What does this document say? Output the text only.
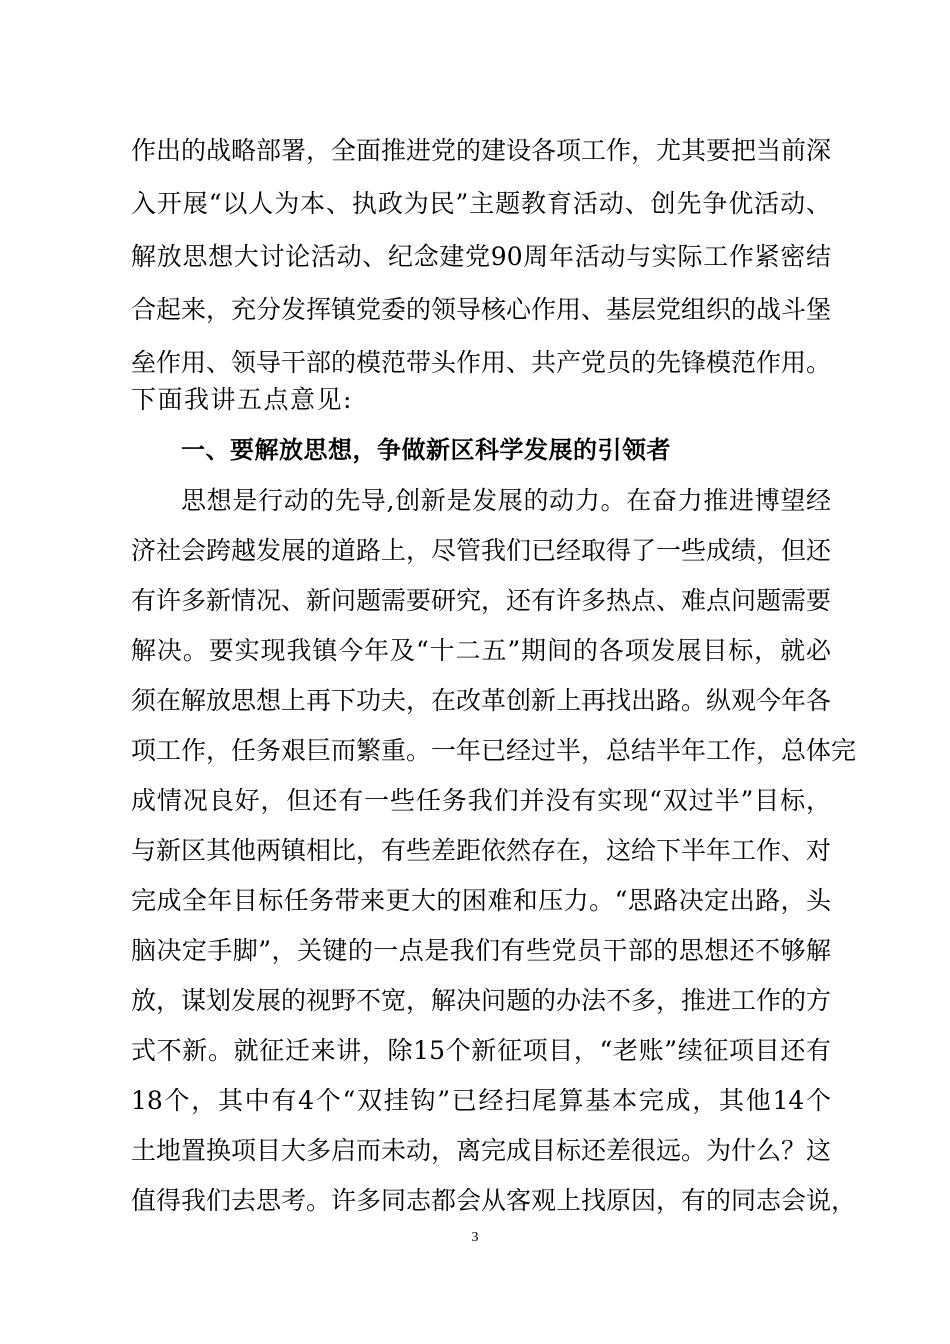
作出的战略部署，全面推进党的建设各项工作，尤其要把当前深
入开展“以人为本、执政为民”主题教育活动、创先争优活动、
解放思想大讨论活动、纪念建党90周年活动与实际工作紧密结
合起来，充分发挥镇党委的领导核心作用、基层党组织的战斗堡
垒作用、领导干部的模范带头作用、共产党员的先锋模范作用。
下面我讲五点意见:
一、要解放思想，争做新区科学发展的引领者
思想是行动的先导,创新是发展的动力。在奋力推进博望经
济社会跨越发展的道路上，尽管我们已经取得了一些成绩，但还
有许多新情况、新问题需要研究，还有许多热点、难点问题需要
解决。要实现我镇今年及“十二五”期间的各项发展目标，就必
须在解放思想上再下功夫，在改革创新上再找出路。纵观今年各
项工作，任务艰巨而繁重。一年已经过半，总结半年工作，总体完
成情况良好，但还有一些任务我们并没有实现“双过半”目标，
与新区其他两镇相比，有些差距依然存在，这给下半年工作、对
完成全年目标任务带来更大的困难和压力。“思路决定出路，头
脑决定手脚”，关键的一点是我们有些党员干部的思想还不够解
放，谋划发展的视野不宽，解决问题的办法不多，推进工作的方
式不新。就征迁来讲，除15个新征项目，“老账”续征项目还有
18个，其中有4个“双挂钩”已经扫尾算基本完成，其他14个
土地置换项目大多启而未动，离完成目标还差很远。为什么？这
值得我们去思考。许多同志都会从客观上找原因，有的同志会说，
3
